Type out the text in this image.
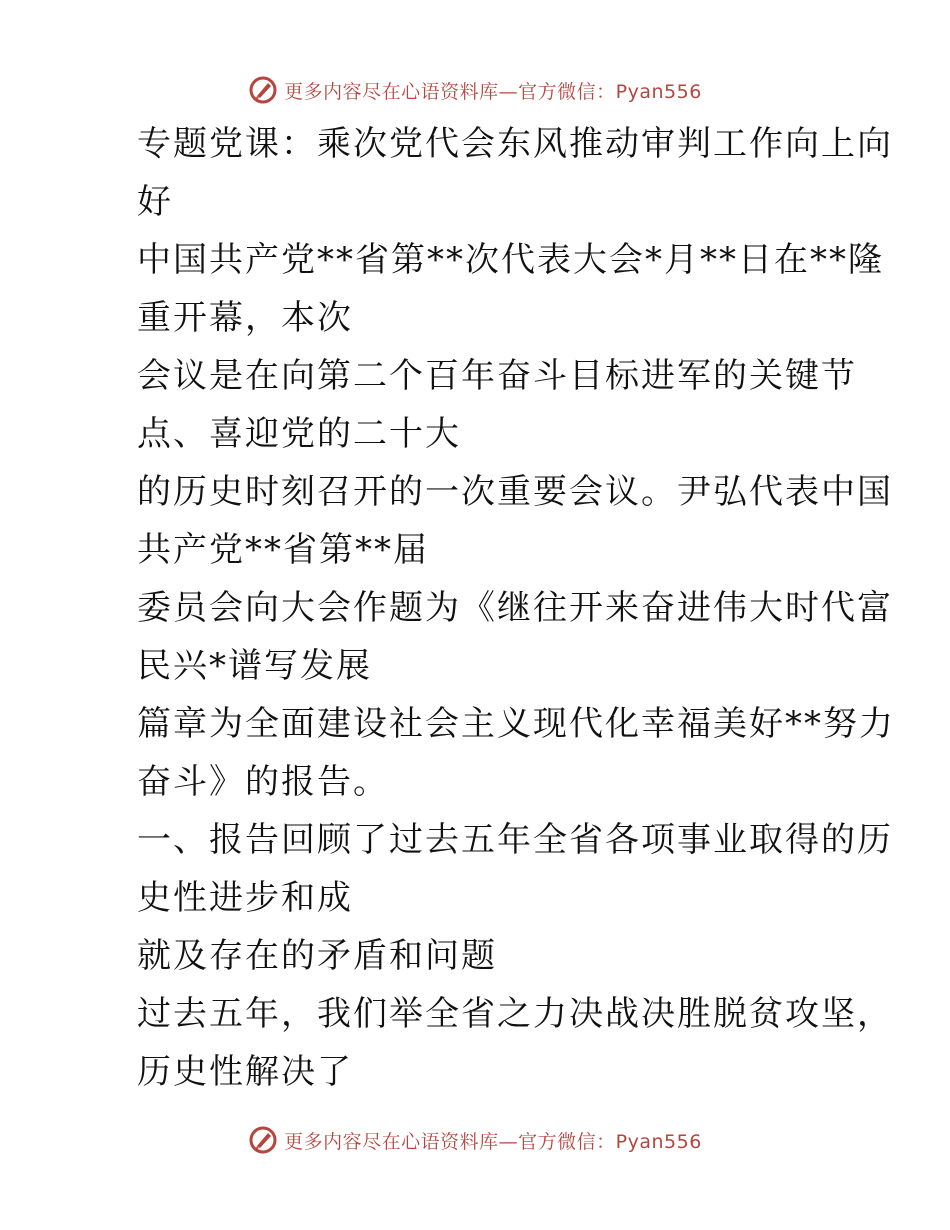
更多内容尽在心语资料库—官方微信：Pyan556

专题党课：乘次党代会东风推动审判工作向上向
好

中国共产党**省第**次代表大会*月**日在**隆
重开幕，本次

会议是在向第二个百年奋斗目标进军的关键节
点、喜迎党的二十大

的历史时刻召开的一次重要会议。尹弘代表中国
共产党**省第**届

委员会向大会作题为《继往开来奋进伟大时代富
民兴*谱写发展

篇章为全面建设社会主义现代化幸福美好**努力
奋斗》的报告。

一、报告回顾了过去五年全省各项事业取得的历
史性进步和成

就及存在的矛盾和问题

过去五年，我们举全省之力决战决胜脱贫攻坚，
历史性解决了

更多内容尽在心语资料库—官方微信：Pyan556
